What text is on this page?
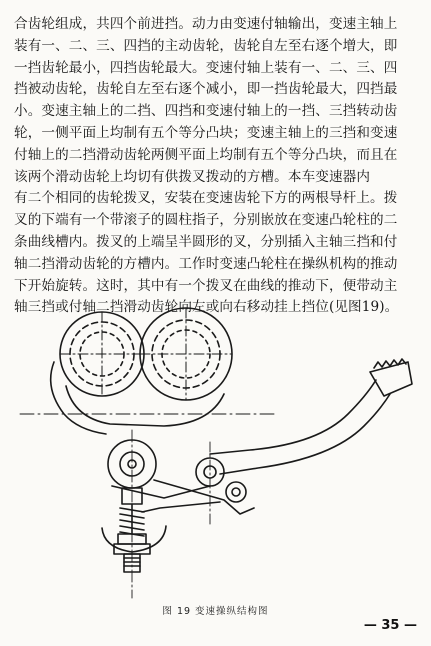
合齿轮组成，共四个前进挡。动力由变速付轴输出，变速主轴上
装有一、二、三、四挡的主动齿轮，齿轮自左至右逐个增大，即
一挡齿轮最小，四挡齿轮最大。变速付轴上装有一、二、三、四
挡被动齿轮，齿轮自左至右逐个减小，即一挡齿轮最大，四挡最
小。变速主轴上的二挡、四挡和变速付轴上的一挡、三挡转动齿
轮，一侧平面上均制有五个等分凸块；变速主轴上的三挡和变速
付轴上的二挡滑动齿轮两侧平面上均制有五个等分凸块，而且在
该两个滑动齿轮上均切有供拨叉拨动的方槽。本车变速器内
有二个相同的齿轮拨叉，安装在变速齿轮下方的两根导杆上。拨
叉的下端有一个带滚子的圆柱指子，分别嵌放在变速凸轮柱的二
条曲线槽内。拨叉的上端呈半圆形的叉，分别插入主轴三挡和付
轴二挡滑动齿轮的方槽内。工作时变速凸轮柱在操纵机构的推动
下开始旋转。这时，其中有一个拨叉在曲线的推动下，便带动主
轴三挡或付轴二挡滑动齿轮向左或向右移动挂上挡位(见图19)。
图 19 变速操纵结构图
— 35 —
